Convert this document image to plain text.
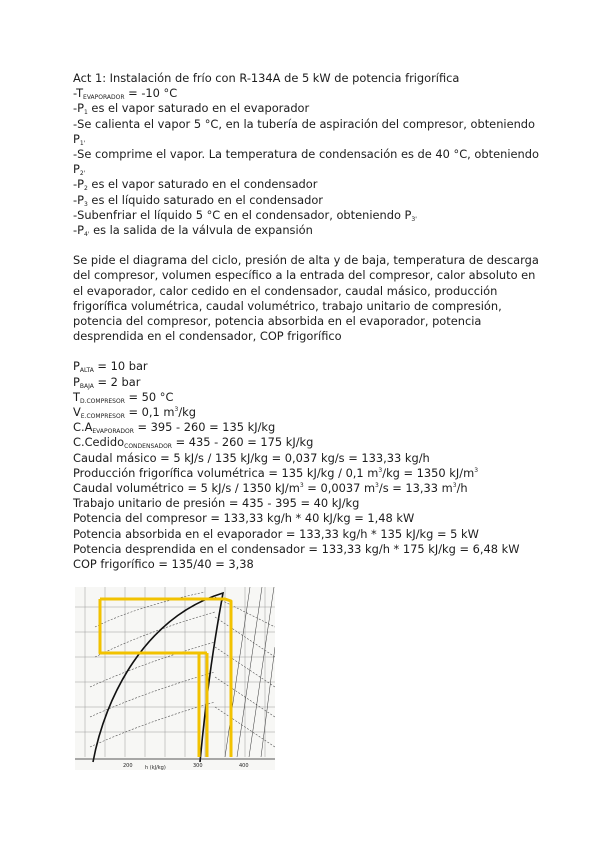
Act 1: Instalación de frío con R-134A de 5 kW de potencia frigorífica
$-T_{EVAPORADOR} = -10$ °C
$-P_1$ es el vapor saturado en el evaporador
-Se calienta el vapor 5 °C, en la tubería de aspiración del compresor, obteniendo
$P_{1'}$
-Se comprime el vapor. La temperatura de condensación es de 40 °C, obteniendo
$P_{2'}$
$-P_2$ es el vapor saturado en el condensador
$-P_3$ es el líquido saturado en el condensador
-Subenfriar el líquido 5 °C en el condensador, obteniendo $P_{3'}$
$-P_{4'}$ es la salida de la válvula de expansión
Se pide el diagrama del ciclo, presión de alta y de baja, temperatura de descarga del compresor, volumen específico a la entrada del compresor, calor absoluto en el evaporador, calor cedido en el condensador, caudal másico, producción frigorífica volumétrica, caudal volumétrico, trabajo unitario de compresión, potencia del compresor, potencia absorbida en el evaporador, potencia desprendida en el condensador, COP frigorífico
$P_{ALTA} = 10$ bar
$P_{BAJA} = 2$ bar
$T_{D.COMPRESOR} = 50$ °C
$V_{E.COMPRESOR} = 0,1$ $m^3/kg$
$C.A_{EVAPORADOR} = 395 - 260 = 135$ kJ/kg
C.Cedido$_{CONDENSADOR}$ = 435 - 260 = 175 kJ/kg
Caudal másico = 5 kJ/s / 135 kJ/kg = 0,037 kg/s = 133,33 kg/h
Producción frigorífica volumétrica = 135 kJ/kg / 0,1 $m^3/kg = 1350$ $kJ/m^3$
Caudal volumétrico = 5 kJ/s / 1350 $kJ/m^3 = 0,0037$ $m^3/s = 13,33$ $m^3/h$
Trabajo unitario de presión = 435 - 395 = 40 kJ/kg
Potencia del compresor = 133,33 kg/h * 40 kJ/kg = 1,48 kW
Potencia absorbida en el evaporador = 133,33 kg/h * 135 kJ/kg = 5 kW
Potencia desprendida en el condensador = 133,33 kg/h * 175 kJ/kg = 6,48 kW
COP frigorífico = 135/40 = 3,38
200	300	400
h (kJ/kg)
